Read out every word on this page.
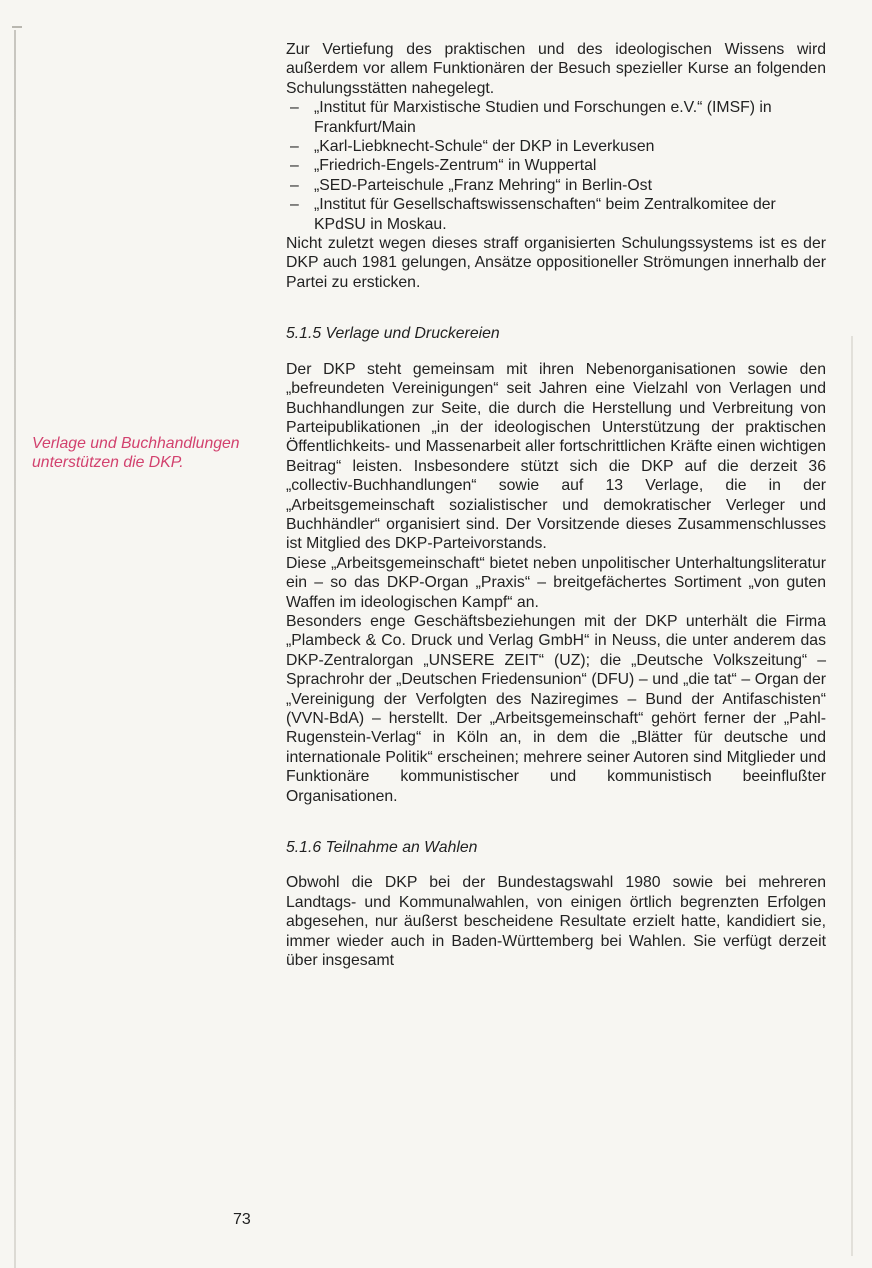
Verlage und Buchhandlungen unterstützen die DKP.

Zur Vertiefung des praktischen und des ideologischen Wissens wird außerdem vor allem Funktionären der Besuch spezieller Kurse an folgenden Schulungsstätten nahegelegt.

– „Institut für Marxistische Studien und Forschungen e.V.“ (IMSF) in Frankfurt/Main
– „Karl-Liebknecht-Schule“ der DKP in Leverkusen
– „Friedrich-Engels-Zentrum“ in Wuppertal
– „SED-Parteischule „Franz Mehring“ in Berlin-Ost
– „Institut für Gesellschaftswissenschaften“ beim Zentralkomitee der KPdSU in Moskau.

Nicht zuletzt wegen dieses straff organisierten Schulungssystems ist es der DKP auch 1981 gelungen, Ansätze oppositioneller Strömungen innerhalb der Partei zu ersticken.

5.1.5 Verlage und Druckereien

Der DKP steht gemeinsam mit ihren Nebenorganisationen sowie den „befreundeten Vereinigungen“ seit Jahren eine Vielzahl von Verlagen und Buchhandlungen zur Seite, die durch die Herstellung und Verbreitung von Parteipublikationen „in der ideologischen Unterstützung der praktischen Öffentlichkeits- und Massenarbeit aller fortschrittlichen Kräfte einen wichtigen Beitrag“ leisten. Insbesondere stützt sich die DKP auf die derzeit 36 „collectiv-Buchhandlungen“ sowie auf 13 Verlage, die in der „Arbeitsgemeinschaft sozialistischer und demokratischer Verleger und Buchhändler“ organisiert sind. Der Vorsitzende dieses Zusammenschlusses ist Mitglied des DKP-Parteivorstands.

Diese „Arbeitsgemeinschaft“ bietet neben unpolitischer Unterhaltungsliteratur ein – so das DKP-Organ „Praxis“ – breitgefächertes Sortiment „von guten Waffen im ideologischen Kampf“ an.

Besonders enge Geschäftsbeziehungen mit der DKP unterhält die Firma „Plambeck & Co. Druck und Verlag GmbH“ in Neuss, die unter anderem das DKP-Zentralorgan „UNSERE ZEIT“ (UZ); die „Deutsche Volkszeitung“ – Sprachrohr der „Deutschen Friedensunion“ (DFU) – und „die tat“ – Organ der „Vereinigung der Verfolgten des Naziregimes – Bund der Antifaschisten“ (VVN-BdA) – herstellt. Der „Arbeitsgemeinschaft“ gehört ferner der „Pahl-Rugenstein-Verlag“ in Köln an, in dem die „Blätter für deutsche und internationale Politik“ erscheinen; mehrere seiner Autoren sind Mitglieder und Funktionäre kommunistischer und kommunistisch beeinflußter Organisationen.

5.1.6 Teilnahme an Wahlen

Obwohl die DKP bei der Bundestagswahl 1980 sowie bei mehreren Landtags- und Kommunalwahlen, von einigen örtlich begrenzten Erfolgen abgesehen, nur äußerst bescheidene Resultate erzielt hatte, kandidiert sie, immer wieder auch in Baden-Württemberg bei Wahlen. Sie verfügt derzeit über insgesamt

73
